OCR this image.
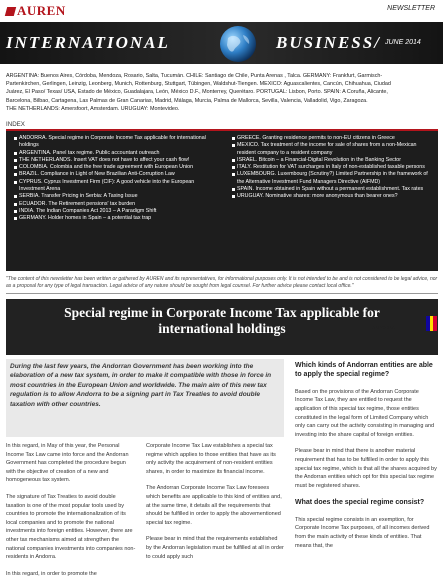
AUREN	NEWSLETTER
INTERNATIONAL	BUSINESS/ JUNE 2014
ARGENTINA: Buenos Aires, Córdoba, Mendoza, Rosario, Salta, Tucumán. CHILE: Santiago de Chile, Punta Arenas , Talca. GERMANY: Frankfurt, Garmisch-
Partenkirchen, Gerlingen, Leinzig, Leonberg, Munich, Rottenburg, Stuttgart, Tübingen, Waldshut-Tiengen. MEXICO: Aguascalientes, Cancún, Chihuahua, Ciudad
Juárez, El Paso/ Texas/ USA, Estado de México, Guadalajara, León, México D.F., Monterrey, Querétaro. PORTUGAL: Lisbon, Porto. SPAIN: A Coruña, Alicante,
Barcelona, Bilbao, Cartagena, Las Palmas de Gran Canarias, Madrid, Málaga, Murcia, Palma de Mallorca, Sevilla, Valencia, Valladolid, Vigo, Zaragoza.
THE NETHERLANDS: Amersfoort, Amsterdam. URUGUAY: Montevideo.
INDEX
ANDORRA. Special regime in Corporate Income Tax applicable for international holdings
ARGENTINA. Panel tax regime. Public accountant outreach
THE NETHERLANDS. Insert VAT does not have to affect your cash flow!
COLOMBIA. Colombia and the free trade agreement with European Union
BRAZIL. Compliance in Light of New Brazilian Anti-Corruption Law
CYPRUS. Cyprus Investment Firm (CIF): A good vehicle into the European Investment Arena
SERBIA. Transfer Pricing in Serbia: A Taxing Issue
ECUADOR. The Retirement pensions' tax burden
INDIA. The Indian Companies Act 2013 – A Paradigm Shift
GERMANY. Holder homes in Spain – a potential tax trap
GREECE. Granting residence permits to non-EU citizens in Greece
MEXICO. Tax treatment of the income for sale of shares from a non-Mexican resident company to a resident company
ISRAEL. Bitcoin – a Financial-Digital Revolution in the Banking Sector
ITALY. Restitution for VAT surcharges in Italy of non-established taxable persons
LUXEMBOURG. Luxembourg (Scrutiny?) Limited Partnership in the framework of the Alternative Investment Fund Managers Directive (AIFMD)
SPAIN. Income obtained in Spain without a permanent establishment. Tax rates
URUGUAY. Nominative shares: more anonymous than bearer ones?
"The content of this newsletter has been written or gathered by AUREN and its representatives, for informational purposes only. It is not intended to be and is not considered to be legal advice, nor as a proposal for any type of legal transaction. Legal advice of any nature should be sought from legal counsel. For further advice please contact local office."
Special regime in Corporate Income Tax applicable for international holdings	ANDORRA
During the last few years, the Andorran Government has been working into the elaboration of a new tax system, in order to make it compatible with those in force in most countries in the European Union and worldwide. The main aim of this new tax regulation is to allow Andorra to be a signing part in Tax Treaties to avoid double taxation with other countries.

In this regard, in May of this year, the Personal Income Tax Law came into force and the Andorran Government has completed the procedure begun with the objective of creation of a new and homogeneous tax system.

The signature of Tax Treaties to avoid double taxation is one of the most popular tools used by countries to promote the internationalization of its local companies and to promote the national investments into foreign entities. However, there are other tax mechanisms aimed at strengthen the national companies investments into companies non-residents in Andorra.

In this regard, in order to promote the

Corporate Income Tax Law establishes a special tax regime which applies to those entities that have as its only activity the acquirement of non-resident entities shares, in order to maximize its financial income.

The Andorran Corporate Income Tax Law foresees which benefits are applicable to this kind of entities and, at the same time, it details all the requirements that should be fulfilled in order to apply the abovementioned special tax regime.

Please bear in mind that the requirements established by the Andorran legislation must be fulfilled at all in order to could apply such

Which kinds of Andorran entities are able to apply the special regime?

Based on the provisions of the Andorran Corporate Income Tax Law, they are entitled to request the application of this special tax regime, those entities constituted in the legal form of Limited Company which only can carry out the activity consisting in managing and investing into the share capital of foreign entities.

Please bear in mind that there is another material requirement that has to be fulfilled in order to apply this special tax regime, which is that all the shares acquired by the Andorran entities which opt for this special tax regime must be registered shares.

What does the special regime consist?

This special regime consists in an exemption, for Corporate Income Tax purposes, of all incomes derived from the main activity of these kinds of entities. That means that, the
